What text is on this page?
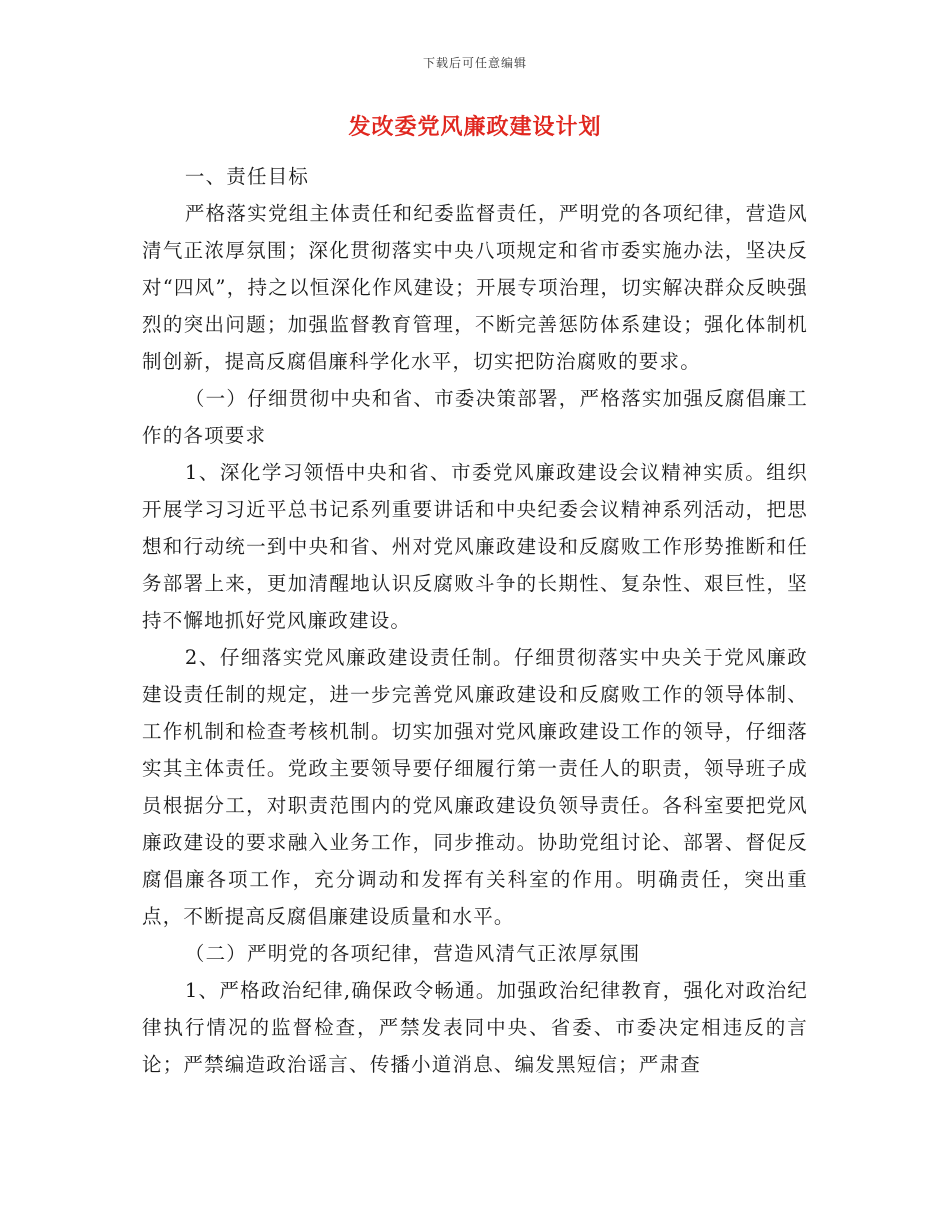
下载后可任意编辑
发改委党风廉政建设计划

一、责任目标

严格落实党组主体责任和纪委监督责任，严明党的各项纪律，营造风清气正浓厚氛围；深化贯彻落实中央八项规定和省市委实施办法，坚决反对“四风”，持之以恒深化作风建设；开展专项治理，切实解决群众反映强烈的突出问题；加强监督教育管理，不断完善惩防体系建设；强化体制机制创新，提高反腐倡廉科学化水平，切实把防治腐败的要求。

（一）仔细贯彻中央和省、市委决策部署，严格落实加强反腐倡廉工作的各项要求

1、深化学习领悟中央和省、市委党风廉政建设会议精神实质。组织开展学习习近平总书记系列重要讲话和中央纪委会议精神系列活动，把思想和行动统一到中央和省、州对党风廉政建设和反腐败工作形势推断和任务部署上来，更加清醒地认识反腐败斗争的长期性、复杂性、艰巨性，坚持不懈地抓好党风廉政建设。

2、仔细落实党风廉政建设责任制。仔细贯彻落实中央关于党风廉政建设责任制的规定，进一步完善党风廉政建设和反腐败工作的领导体制、工作机制和检查考核机制。切实加强对党风廉政建设工作的领导，仔细落实其主体责任。党政主要领导要仔细履行第一责任人的职责，领导班子成员根据分工，对职责范围内的党风廉政建设负领导责任。各科室要把党风廉政建设的要求融入业务工作，同步推动。协助党组讨论、部署、督促反腐倡廉各项工作，充分调动和发挥有关科室的作用。明确责任，突出重点，不断提高反腐倡廉建设质量和水平。

（二）严明党的各项纪律，营造风清气正浓厚氛围

1、严格政治纪律,确保政令畅通。加强政治纪律教育，强化对政治纪律执行情况的监督检查，严禁发表同中央、省委、市委决定相违反的言论；严禁编造政治谣言、传播小道消息、编发黑短信；严肃查
